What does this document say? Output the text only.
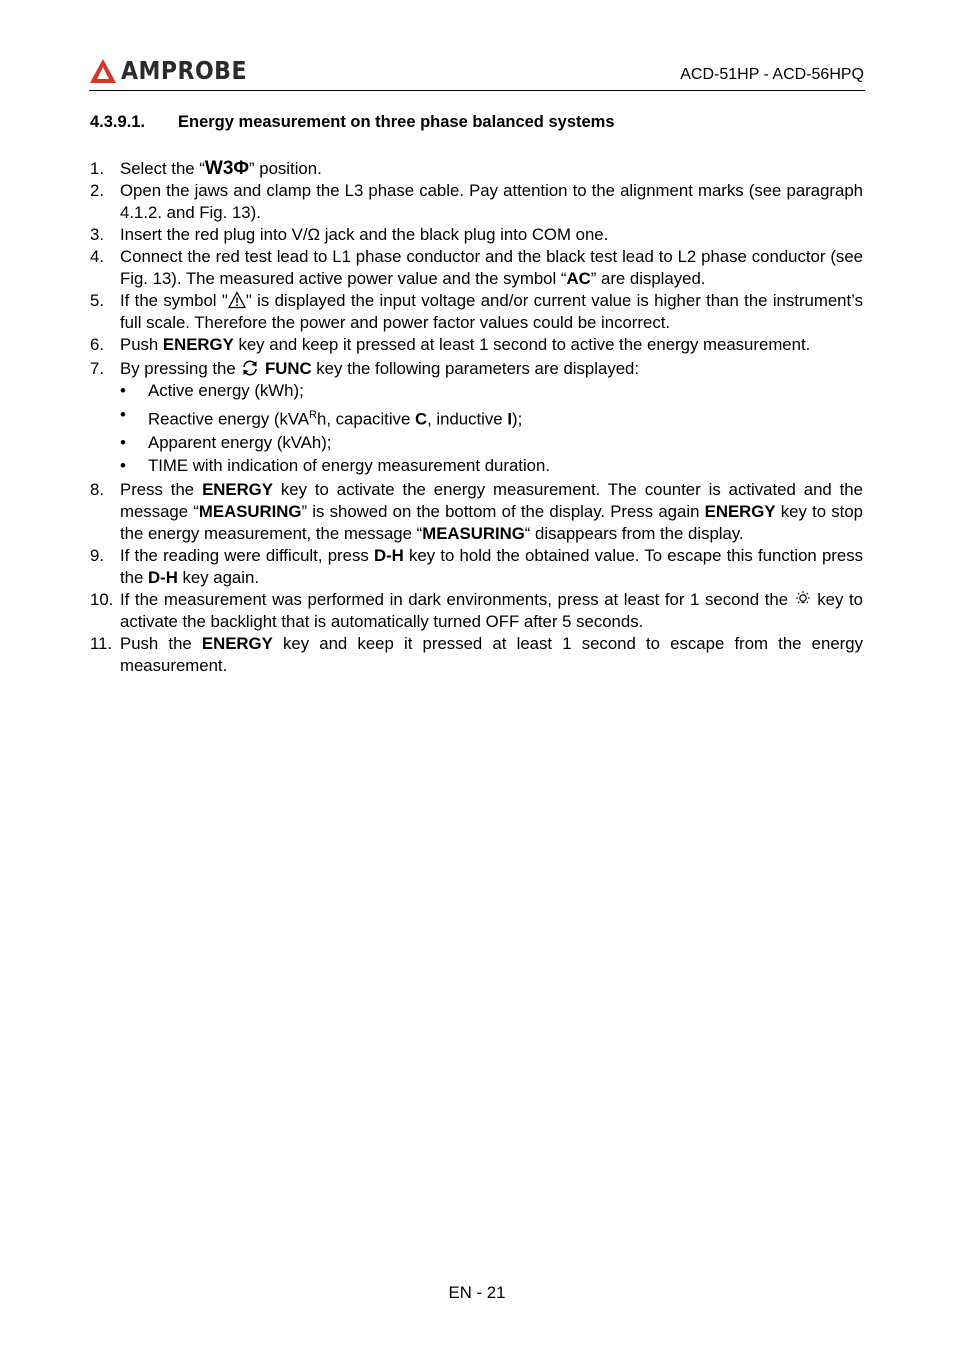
AMPROBE	ACD-51HP - ACD-56HPQ
4.3.9.1. Energy measurement on three phase balanced systems

1. Select the “W3Φ” position.

2. Open the jaws and clamp the L3 phase cable. Pay attention to the alignment marks (see paragraph 4.1.2. and Fig. 13).

3. Insert the red plug into V/Ω jack and the black plug into COM one.

4. Connect the red test lead to L1 phase conductor and the black test lead to L2 phase conductor (see Fig. 13). The measured active power value and the symbol “AC” are displayed.

5. If the symbol " " is displayed the input voltage and/or current value is higher than the instrument’s full scale. Therefore the power and power factor values could be incorrect.

6. Push ENERGY key and keep it pressed at least 1 second to active the energy measurement.

7. By pressing the  FUNC key the following parameters are displayed:

• Active energy (kWh);
• Reactive energy (kVA$^R$h, capacitive C, inductive I);
• Apparent energy (kVAh);
• TIME with indication of energy measurement duration.

8. Press the ENERGY key to activate the energy measurement. The counter is activated and the message “MEASURING” is showed on the bottom of the display. Press again ENERGY key to stop the energy measurement, the message “MEASURING“ disappears from the display.

9. If the reading were difficult, press D-H key to hold the obtained value. To escape this function press the D-H key again.

10. If the measurement was performed in dark environments, press at least for 1 second the  key to activate the backlight that is automatically turned OFF after 5 seconds.

11. Push the ENERGY key and keep it pressed at least 1 second to escape from the energy measurement.

EN - 21
